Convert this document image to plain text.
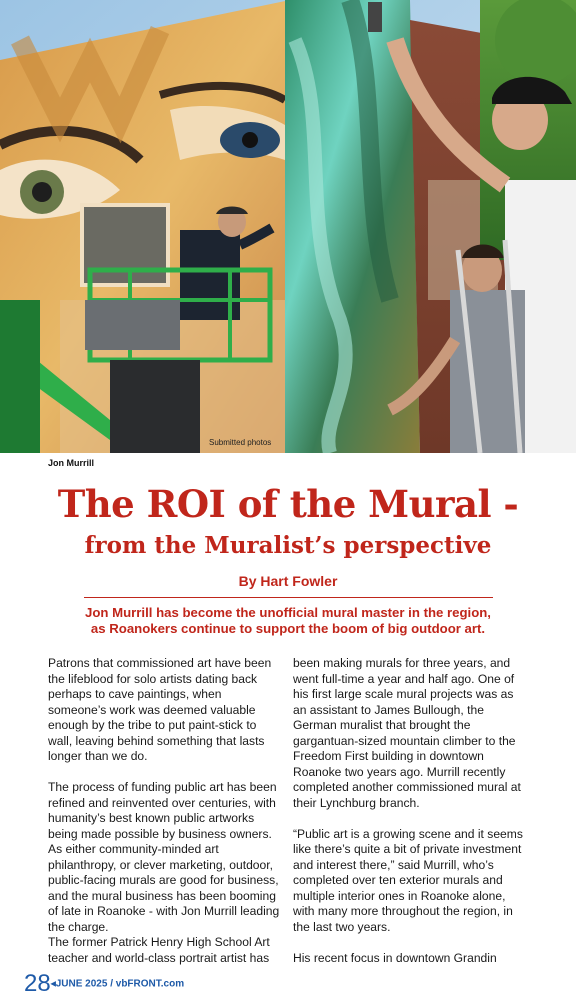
Submitted photos
Jon Murrill
The ROI of the Mural -
from the Muralist’s perspective
By Hart Fowler
Jon Murrill has become the unofficial mural master in the region,
as Roanokers continue to support the boom of big outdoor art.

Patrons that commissioned art have been the lifeblood for solo artists dating back perhaps to cave paintings, when someone’s work was deemed valuable enough by the tribe to put paint-stick to wall, leaving behind something that lasts longer than we do.

The process of funding public art has been refined and reinvented over centuries, with humanity’s best known public artworks being made possible by business owners. As either community-minded art philanthropy, or clever marketing, outdoor, public-facing murals are good for business, and the mural business has been booming of late in Roanoke - with Jon Murrill leading the charge.

The former Patrick Henry High School Art teacher and world-class portrait artist has

been making murals for three years, and went full-time a year and half ago. One of his first large scale mural projects was as an assistant to James Bullough, the German muralist that brought the gargantuan-sized mountain climber to the Freedom First building in downtown Roanoke two years ago. Murrill recently completed another commissioned mural at their Lynchburg branch.

“Public art is a growing scene and it seems like there’s quite a bit of private investment and interest there,” said Murrill, who’s completed over ten exterior murals and multiple interior ones in Roanoke alone, with many more throughout the region, in the last two years.

His recent focus in downtown Grandin

28◂JUNE 2025 / vbFRONT.com
